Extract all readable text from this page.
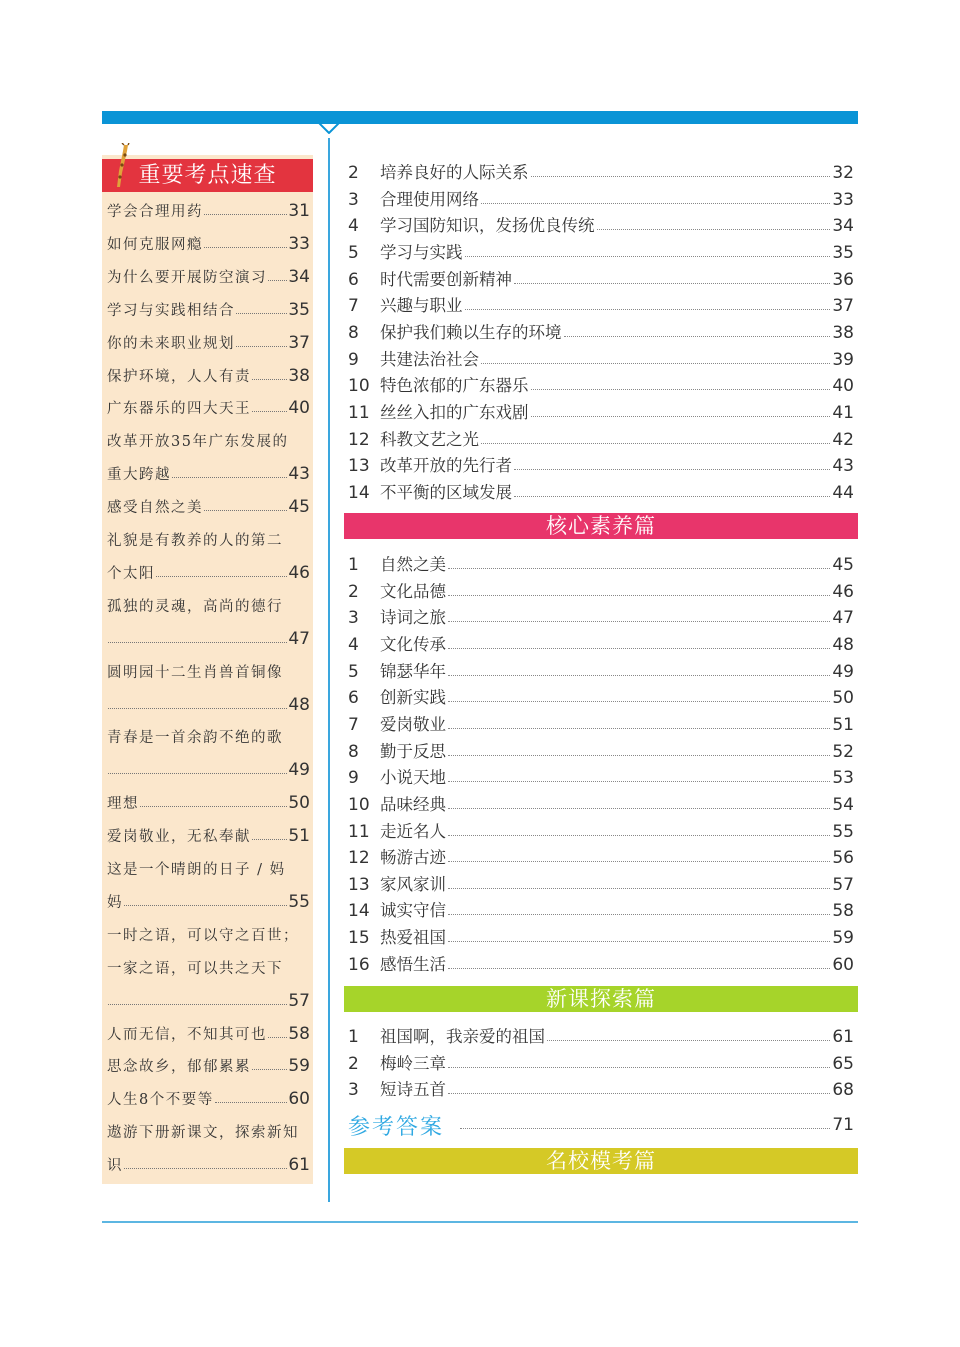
重要考点速查
学会合理用药	31
如何克服网瘾	33
为什么要开展防空演习 34
学习与实践相结合	35
你的未来职业规划	37
保护环境，人人有责 38
广东器乐的四大天王 40
改革开放35年广东发展的
重大跨越	43
感受自然之美	45
礼貌是有教养的人的第二
个太阳	46
孤独的灵魂，高尚的德行
47
圆明园十二生肖兽首铜像
48
青春是一首余韵不绝的歌
49
理想	50
爱岗敬业，无私奉献 51
这是一个晴朗的日子 / 妈
妈	55
一时之语，可以守之百世；
一家之语，可以共之天下
57
人而无信，不知其可也 58
思念故乡，郁郁累累 59
人生8个不要等	60
遨游下册新课文，探索新知
识	61
2	培养良好的人际关系	32
3	合理使用网络	33
4	学习国防知识，发扬优良传统	34
5	学习与实践	35
6	时代需要创新精神	36
7	兴趣与职业	37
8	保护我们赖以生存的环境	38
9	共建法治社会	39
10 特色浓郁的广东器乐	40
11 丝丝入扣的广东戏剧	41
12 科教文艺之光	42
13 改革开放的先行者	43
14 不平衡的区域发展	44
核心素养篇
1	自然之美	45
2	文化品德	46
3	诗词之旅	47
4	文化传承	48
5	锦瑟华年	49
6	创新实践	50
7	爱岗敬业	51
8	勤于反思	52
9	小说天地	53
10 品味经典	54
11 走近名人	55
12 畅游古迹	56
13 家风家训	57
14 诚实守信	58
15 热爱祖国	59
16 感悟生活	60
新课探索篇
1	祖国啊，我亲爱的祖国	61
2	梅岭三章	65
3	短诗五首	68
参考答案	71
名校模考篇
